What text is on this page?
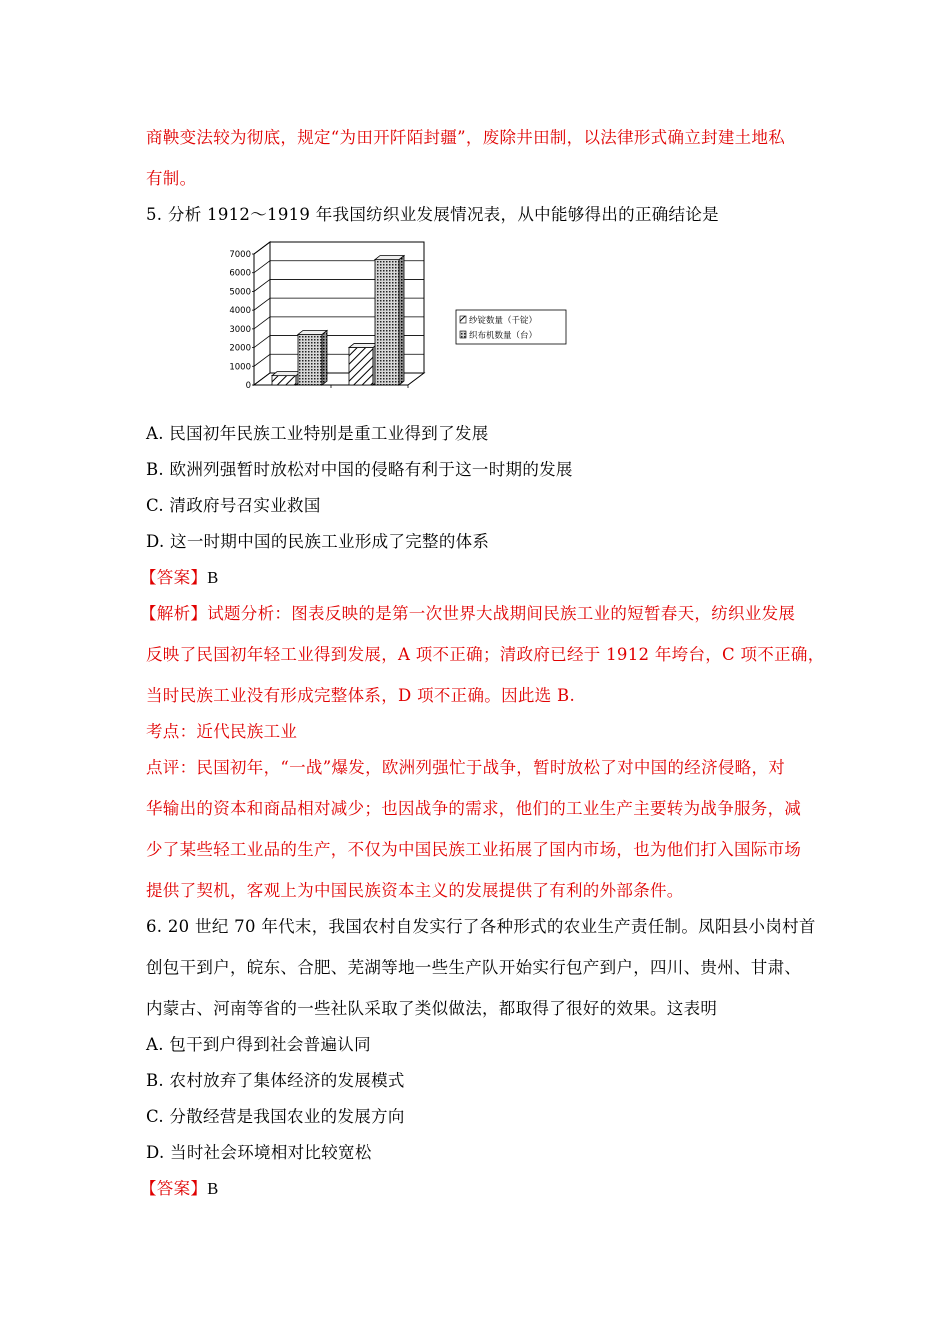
商鞅变法较为彻底，规定“为田开阡陌封疆”，废除井田制，以法律形式确立封建土地私
有制。
5. 分析 1912～1919 年我国纺织业发展情况表，从中能够得出的正确结论是
0
1000
2000
3000
4000
5000
6000
7000
纱锭数量（千锭）
织布机数量（台）
A. 民国初年民族工业特别是重工业得到了发展
B. 欧洲列强暂时放松对中国的侵略有利于这一时期的发展
C. 清政府号召实业救国
D. 这一时期中国的民族工业形成了完整的体系
【答案】B
【解析】试题分析：图表反映的是第一次世界大战期间民族工业的短暂春天，纺织业发展
反映了民国初年轻工业得到发展，A 项不正确；清政府已经于 1912 年垮台，C 项不正确，
当时民族工业没有形成完整体系，D 项不正确。因此选 B.
考点：近代民族工业
点评：民国初年，“一战”爆发，欧洲列强忙于战争，暂时放松了对中国的经济侵略，对
华输出的资本和商品相对减少；也因战争的需求，他们的工业生产主要转为战争服务，减
少了某些轻工业品的生产，不仅为中国民族工业拓展了国内市场，也为他们打入国际市场
提供了契机，客观上为中国民族资本主义的发展提供了有利的外部条件。
6. 20 世纪 70 年代末，我国农村自发实行了各种形式的农业生产责任制。凤阳县小岗村首
创包干到户，皖东、合肥、芜湖等地一些生产队开始实行包产到户，四川、贵州、甘肃、
内蒙古、河南等省的一些社队采取了类似做法，都取得了很好的效果。这表明
A. 包干到户得到社会普遍认同
B. 农村放弃了集体经济的发展模式
C. 分散经营是我国农业的发展方向
D. 当时社会环境相对比较宽松
【答案】B
